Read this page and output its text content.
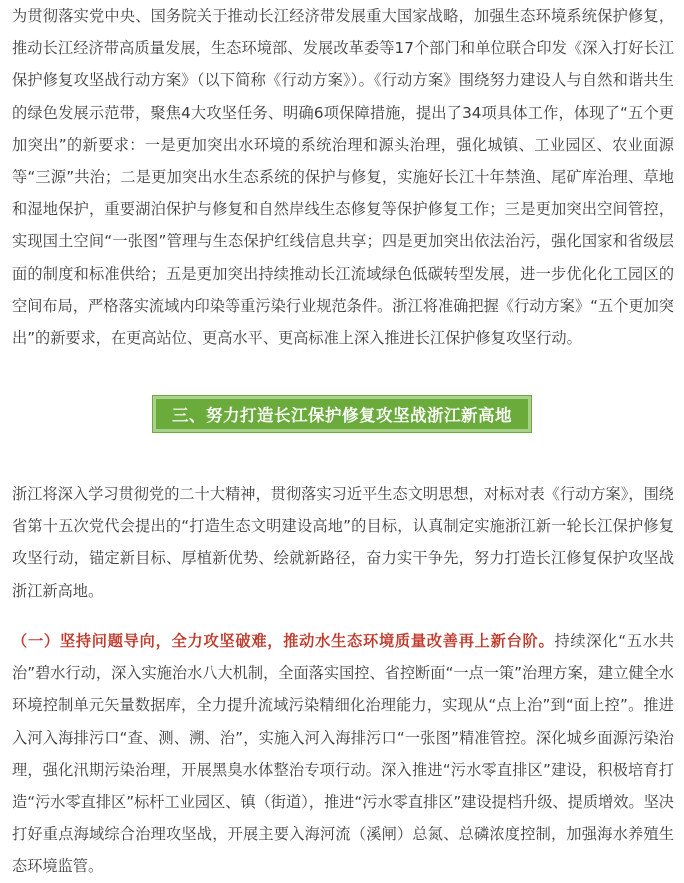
为贯彻落实党中央、国务院关于推动长江经济带发展重大国家战略，加强生态环境系统保护修复，推动长江经济带高质量发展，生态环境部、发展改革委等17个部门和单位联合印发《深入打好长江保护修复攻坚战行动方案》（以下简称《行动方案》）。《行动方案》围绕努力建设人与自然和谐共生的绿色发展示范带，聚焦4大攻坚任务、明确6项保障措施，提出了34项具体工作，体现了“五个更加突出”的新要求：一是更加突出水环境的系统治理和源头治理，强化城镇、工业园区、农业面源等“三源”共治；二是更加突出水生态系统的保护与修复，实施好长江十年禁渔、尾矿库治理、草地和湿地保护，重要湖泊保护与修复和自然岸线生态修复等保护修复工作；三是更加突出空间管控，实现国土空间“一张图”管理与生态保护红线信息共享；四是更加突出依法治污，强化国家和省级层面的制度和标准供给；五是更加突出持续推动长江流域绿色低碳转型发展，进一步优化化工园区的空间布局，严格落实流域内印染等重污染行业规范条件。浙江将准确把握《行动方案》“五个更加突出”的新要求，在更高站位、更高水平、更高标准上深入推进长江保护修复攻坚行动。

三、努力打造长江保护修复攻坚战浙江新高地

浙江将深入学习贯彻党的二十大精神，贯彻落实习近平生态文明思想，对标对表《行动方案》，围绕省第十五次党代会提出的“打造生态文明建设高地”的目标，认真制定实施浙江新一轮长江保护修复攻坚行动，锚定新目标、厚植新优势、绘就新路径，奋力实干争先，努力打造长江修复保护攻坚战浙江新高地。

（一）坚持问题导向，全力攻坚破难，推动水生态环境质量改善再上新台阶。持续深化“五水共治”碧水行动，深入实施治水八大机制，全面落实国控、省控断面“一点一策”治理方案，建立健全水环境控制单元矢量数据库，全力提升流域污染精细化治理能力，实现从“点上治”到“面上控”。推进入河入海排污口“查、测、溯、治”，实施入河入海排污口“一张图”精准管控。深化城乡面源污染治理，强化汛期污染治理，开展黑臭水体整治专项行动。深入推进“污水零直排区”建设，积极培育打造“污水零直排区”标杆工业园区、镇（街道），推进“污水零直排区”建设提档升级、提质增效。坚决打好重点海域综合治理攻坚战，开展主要入海河流（溪闸）总氮、总磷浓度控制，加强海水养殖生态环境监管。
